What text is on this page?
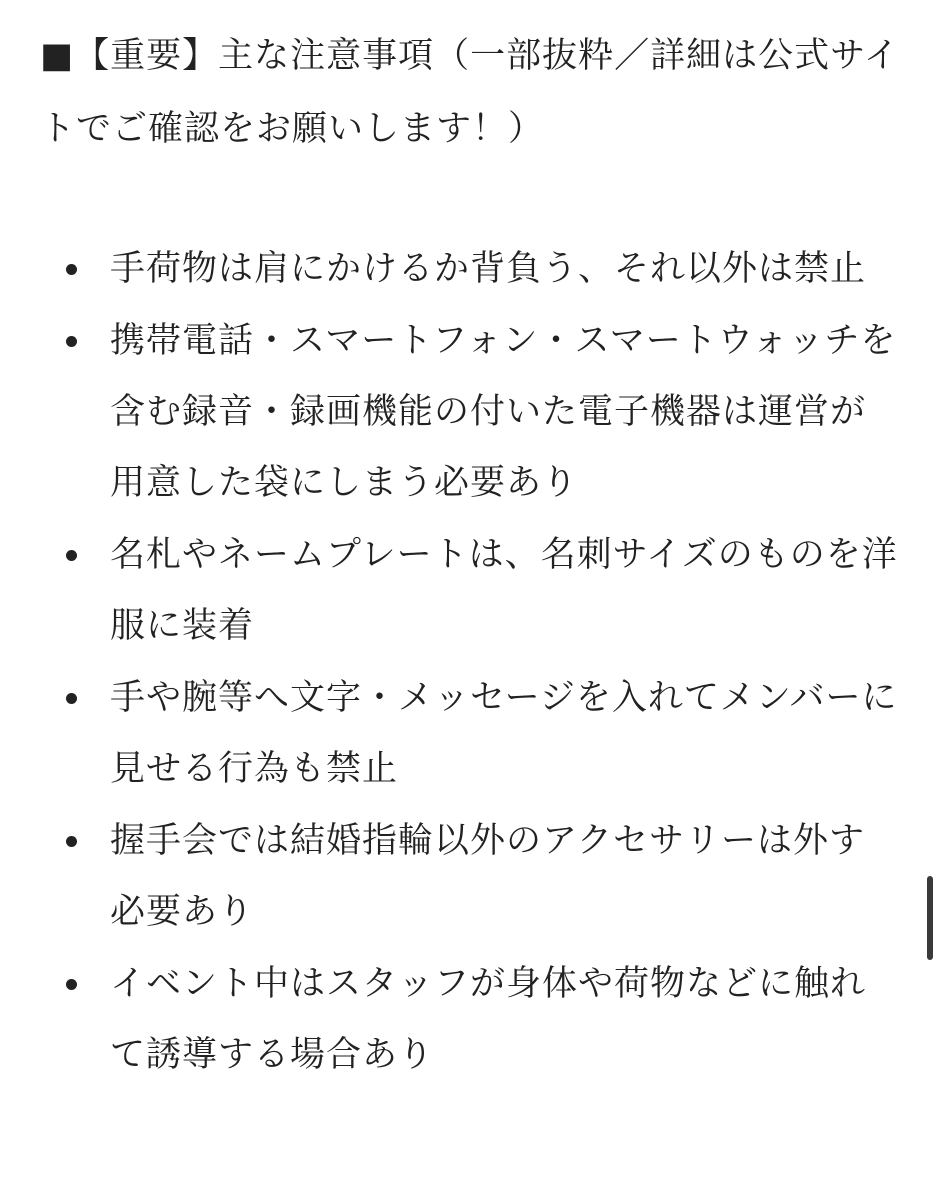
■【重要】主な注意事項（一部抜粋／詳細は公式サイトでご確認をお願いします！）

手荷物は肩にかけるか背負う、それ以外は禁止
携帯電話・スマートフォン・スマートウォッチを含む録音・録画機能の付いた電子機器は運営が用意した袋にしまう必要あり
名札やネームプレートは、名刺サイズのものを洋服に装着
手や腕等へ文字・メッセージを入れてメンバーに見せる行為も禁止
握手会では結婚指輪以外のアクセサリーは外す必要あり
イベント中はスタッフが身体や荷物などに触れて誘導する場合あり
